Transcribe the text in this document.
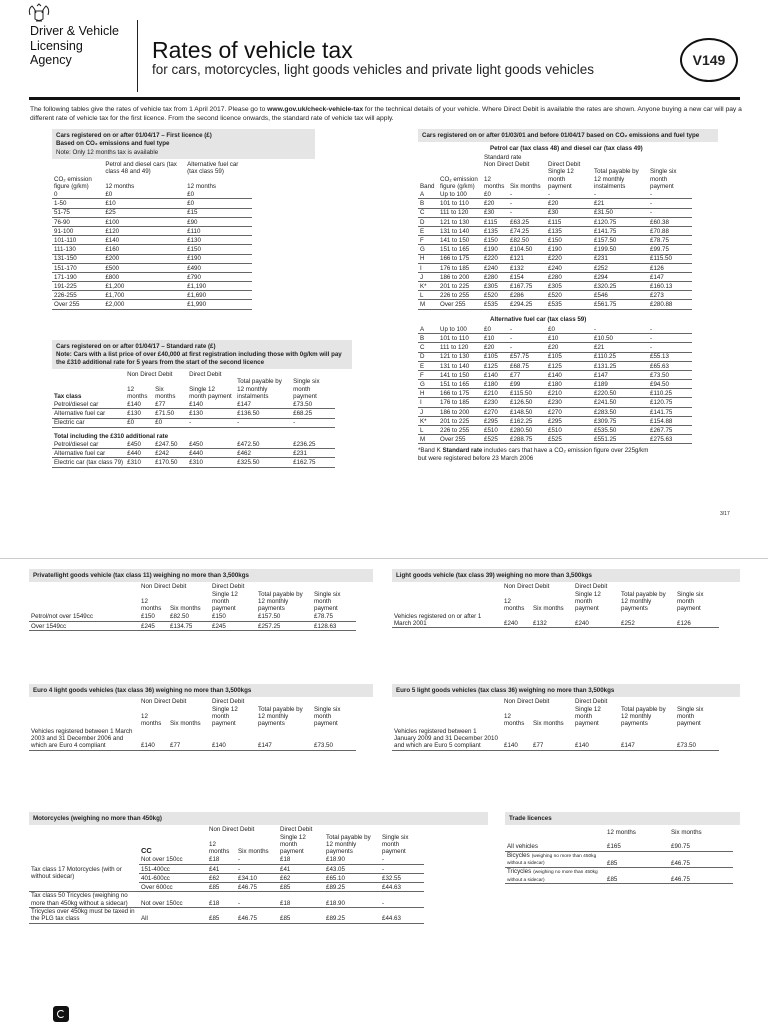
Driver & Vehicle
Licensing
Agency	Rates of vehicle tax
for cars, motorcycles, light goods vehicles and private light goods vehicles
V149
The following tables give the rates of vehicle tax from 1 April 2017. Please go to www.gov.uk/check-vehicle-tax for the technical details of your vehicle. Where Direct Debit is available the rates are shown. Anyone buying a new car will pay a different rate of vehicle tax for the first licence. From the second licence onwards, the standard rate of vehicle tax will apply.
Cars registered on or after 01/04/17 – First licence (£)
Based on CO₂ emissions and fuel type
Note: Only 12 months tax is available
	Petrol and diesel cars (tax class 48 and 49)	Alternative fuel car (tax class 59)
CO₂ emission figure (g/km)	12 months	12 months
0	£0	£0
1-50	£10	£0
51-75	£25	£15
76-90	£100	£90
91-100	£120	£110
101-110	£140	£130
111-130	£160	£150
131-150	£200	£190
151-170	£500	£490
171-190	£800	£790
191-225	£1,200	£1,190
226-255	£1,700	£1,690
Over 255	£2,000	£1,990
Cars registered on or after 01/04/17 – Standard rate (£)
Note: Cars with a list price of over £40,000 at first registration including those with 0g/km will pay the £310 additional rate for 5 years from the start of the second licence
	Non Direct Debit		Direct Debit		
Tax class	12 months	Six months	Single 12 month payment	Total payable by 12 monthly instalments	Single six month payment
Petrol/diesel car	£140	£77	£140	£147	£73.50
Alternative fuel car	£130	£71.50	£130	£136.50	£68.25
Electric car	£0	£0	-	-	-
Total including the £310 additional rate					
Petrol/diesel car	£450	£247.50	£450	£472.50	£236.25
Alternative fuel car	£440	£242	£440	£462	£231
Electric car (tax class 79)	£310	£170.50	£310	£325.50	£162.75
Cars registered on or after 01/03/01 and before 01/04/17 based on CO₂ emissions and fuel type
Petrol car (tax class 48) and diesel car (tax class 49)
		Standard rate				
		Non Direct Debit		Direct Debit		
Band	CO₂ emission figure (g/km)	12 months	Six months	Single 12 month payment	Total payable by 12 monthly instalments	Single six month payment
A	Up to 100	£0	-	-	-	-
B	101 to 110	£20	-	£20	£21	-
C	111 to 120	£30	-	£30	£31.50	-
D	121 to 130	£115	£63.25	£115	£120.75	£60.38
E	131 to 140	£135	£74.25	£135	£141.75	£70.88
F	141 to 150	£150	£82.50	£150	£157.50	£78.75
G	151 to 165	£190	£104.50	£190	£199.50	£99.75
H	166 to 175	£220	£121	£220	£231	£115.50
I	176 to 185	£240	£132	£240	£252	£126
J	186 to 200	£280	£154	£280	£294	£147
K*	201 to 225	£305	£167.75	£305	£320.25	£160.13
L	226 to 255	£520	£286	£520	£546	£273
M	Over 255	£535	£294.25	£535	£561.75	£280.88
Alternative fuel car (tax class 59)

A	Up to 100	£0	-	£0	-	-
B	101 to 110	£10	-	£10	£10.50	-
C	111 to 120	£20	-	£20	£21	-
D	121 to 130	£105	£57.75	£105	£110.25	£55.13
E	131 to 140	£125	£68.75	£125	£131.25	£65.63
F	141 to 150	£140	£77	£140	£147	£73.50
G	151 to 165	£180	£99	£180	£189	£94.50
H	166 to 175	£210	£115.50	£210	£220.50	£110.25
I	176 to 185	£230	£126.50	£230	£241.50	£120.75
J	186 to 200	£270	£148.50	£270	£283.50	£141.75
K*	201 to 225	£295	£162.25	£295	£309.75	£154.88
L	226 to 255	£510	£280.50	£510	£535.50	£267.75
M	Over 255	£525	£288.75	£525	£551.25	£275.63
*Band K Standard rate includes cars that have a CO₂ emission figure over 225g/km but were registered before 23 March 2006
3/17
Private/light goods vehicle (tax class 11) weighing no more than 3,500kgs
	Non Direct Debit		Direct Debit		
	12 months	Six months	Single 12 month payment	Total payable by 12 monthly payments	Single six month payment
Petrol/not over 1549cc	£150	£82.50	£150	£157.50	£78.75
Over 1549cc	£245	£134.75	£245	£257.25	£128.63
Light goods vehicle (tax class 39) weighing no more than 3,500kgs
	Non Direct Debit		Direct Debit		
	12 months	Six months	Single 12 month payment	Total payable by 12 monthly payments	Single six month payment
Vehicles registered on or after 1 March 2001	£240	£132	£240	£252	£126
Euro 4 light goods vehicles (tax class 36) weighing no more than 3,500kgs
	Non Direct Debit		Direct Debit		
	12 months	Six months	Single 12 month payment	Total payable by 12 monthly payments	Single six month payment
Vehicles registered between 1 March 2003 and 31 December 2006 and which are Euro 4 compliant	£140	£77	£140	£147	£73.50
Euro 5 light goods vehicles (tax class 36) weighing no more than 3,500kgs
	Non Direct Debit		Direct Debit		
	12 months	Six months	Single 12 month payment	Total payable by 12 monthly payments	Single six month payment
Vehicles registered between 1 January 2009 and 31 December 2010 and which are Euro 5 compliant	£140	£77	£140	£147	£73.50
Motorcycles (weighing no more than 450kg)
		Non Direct Debit		Direct Debit		
	CC	12 months	Six months	Single 12 month payment	Total payable by 12 monthly payments	Single six month payment
Tax class 17 Motorcycles (with or without sidecar)	Not over 150cc	£18	-	£18	£18.90	-
	151-400cc	£41	-	£41	£43.05	-
	401-600cc	£62	£34.10	£62	£65.10	£32.55
	Over 600cc	£85	£46.75	£85	£89.25	£44.63
Tax class 50 Tricycles (weighing no more than 450kg without a sidecar)	Not over 150cc	£18	-	£18	£18.90	-
Tricycles over 450kg must be taxed in the PLG tax class	All	£85	£46.75	£85	£89.25	£44.63
Trade licences
	12 months	Six months
All vehicles	£165	£90.75
Bicycles (weighing no more than 450kg without a sidecar)	£85	£46.75
Tricycles (weighing no more than 450kg without a sidecar)	£85	£46.75
